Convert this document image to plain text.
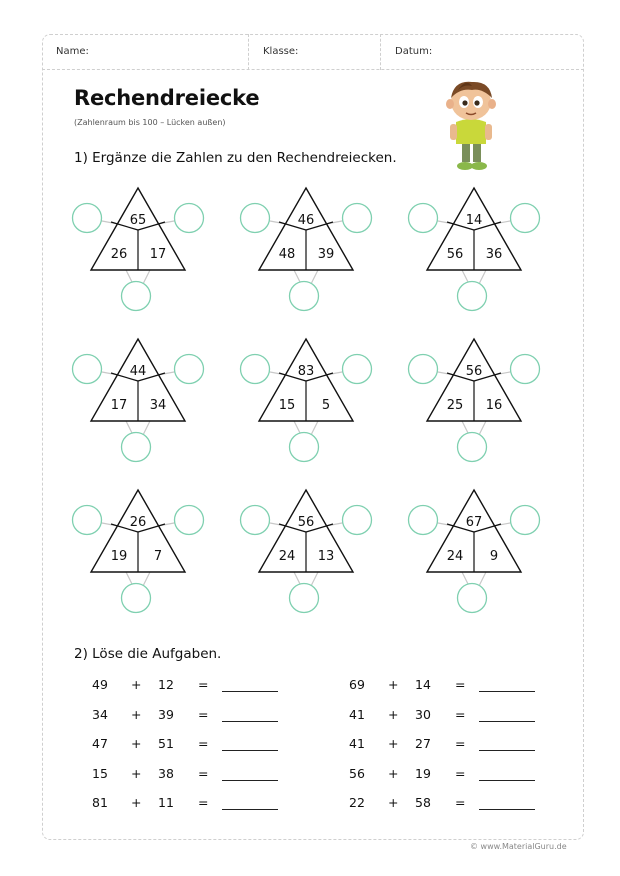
Name:	Klasse:	Datum:
Rechendreiecke
(Zahlenraum bis 100 – Lücken außen)
1) Ergänze die Zahlen zu den Rechendreiecken.
65
26 17
46
48 39
14
56 36
44
17 34
83
15 5
56
25 16
26
19 7
56
24 13
67
24 9
2) Löse die Aufgaben.
49 + 12 =
34 + 39 =
47 + 51 =
15 + 38 =
81 + 11 =
69 + 14 =
41 + 30 =
41 + 27 =
56 + 19 =
22 + 58 =
© www.MaterialGuru.de
